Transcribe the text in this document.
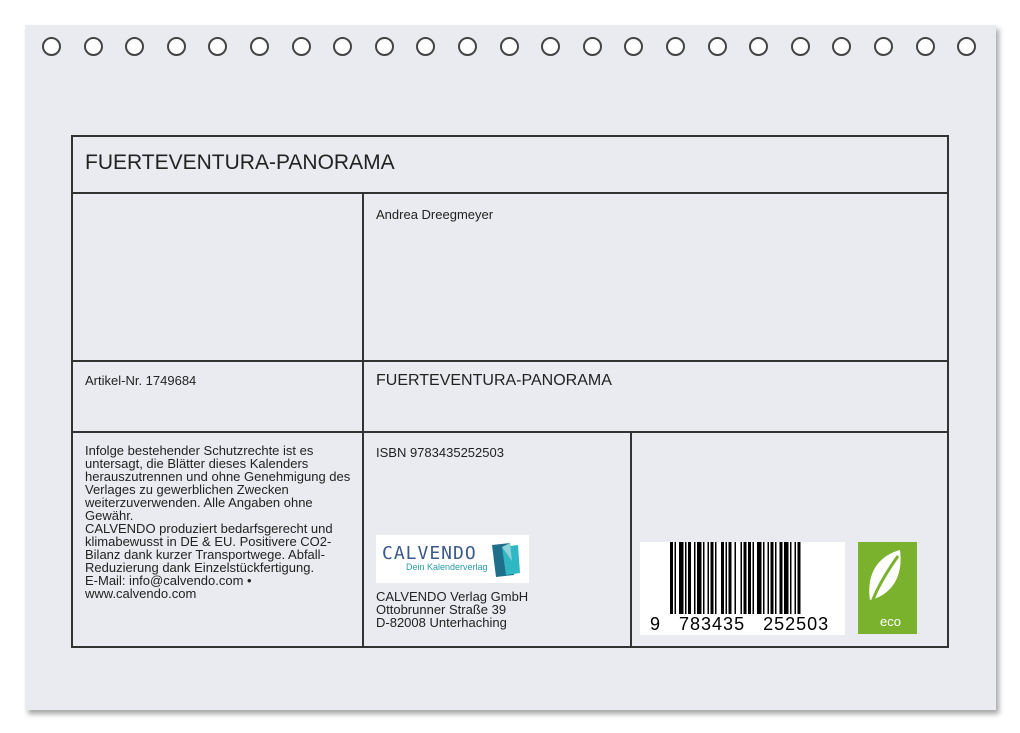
FUERTEVENTURA-PANORAMA
Andrea Dreegmeyer
Artikel-Nr. 1749684	FUERTEVENTURA-PANORAMA

Infolge bestehender Schutzrechte ist es

untersagt, die Blätter dieses Kalenders

herauszutrennen und ohne Genehmigung des

Verlages zu gewerblichen Zwecken

weiterzuverwenden. Alle Angaben ohne

Gewähr.

CALVENDO produziert bedarfsgerecht und

klimabewusst in DE & EU. Positivere CO2-

Bilanz dank kurzer Transportwege. Abfall-

Reduzierung dank Einzelstückfertigung.

E-Mail: info@calvendo.com •

www.calvendo.com

ISBN 9783435252503
CALVENDO
Dein Kalenderverlag
CALVENDO Verlag GmbH
Ottobrunner Straße 39
D-82008 Unterhaching	9   783435   252503	eco
